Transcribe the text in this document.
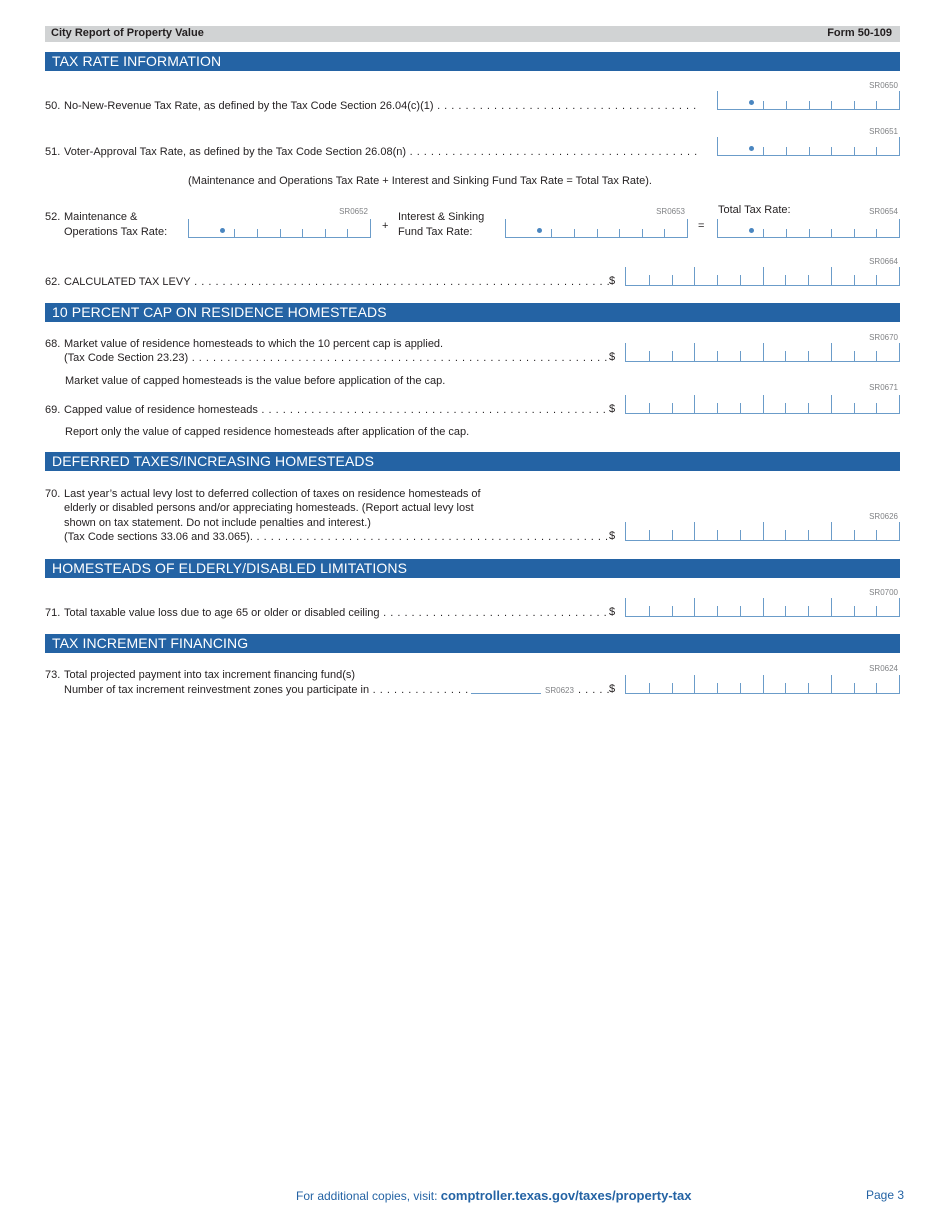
City Report of Property Value	Form 50-109
TAX RATE INFORMATION
SR0650
50. No-New-Revenue Tax Rate, as defined by the Tax Code Section 26.04(c)(1) . . .
SR0651
51. Voter-Approval Tax Rate, as defined by the Tax Code Section 26.08(n) . . .
(Maintenance and Operations Tax Rate + Interest and Sinking Fund Tax Rate = Total Tax Rate).
52. Maintenance &
Operations Tax Rate:
SR0652
+
Interest & Sinking
Fund Tax Rate:
SR0653
=
Total Tax Rate:	SR0654
SR0664
62. CALCULATED TAX LEVY . . .	$
10 PERCENT CAP ON RESIDENCE HOMESTEADS
SR0670
68. Market value of residence homesteads to which the 10 percent cap is applied.
(Tax Code Section 23.23) . . .	$
Market value of capped homesteads is the value before application of the cap.
SR0671
69. Capped value of residence homesteads . . .	$
Report only the value of capped residence homesteads after application of the cap.
DEFERRED TAXES/INCREASING HOMESTEADS
70. Last year’s actual levy lost to deferred collection of taxes on residence homesteads of
elderly or disabled persons and/or appreciating homesteads. (Report actual levy lost
shown on tax statement. Do not include penalties and interest.)
(Tax Code sections 33.06 and 33.065). . . .	$
SR0626
HOMESTEADS OF ELDERLY/DISABLED LIMITATIONS
SR0700
71. Total taxable value loss due to age 65 or older or disabled ceiling . . .	$
TAX INCREMENT FINANCING
SR0624
73. Total projected payment into tax increment financing fund(s)
Number of tax increment reinvestment zones you participate in . . .	SR0623
. . .	$
For additional copies, visit: comptroller.texas.gov/taxes/property-tax	Page 3
